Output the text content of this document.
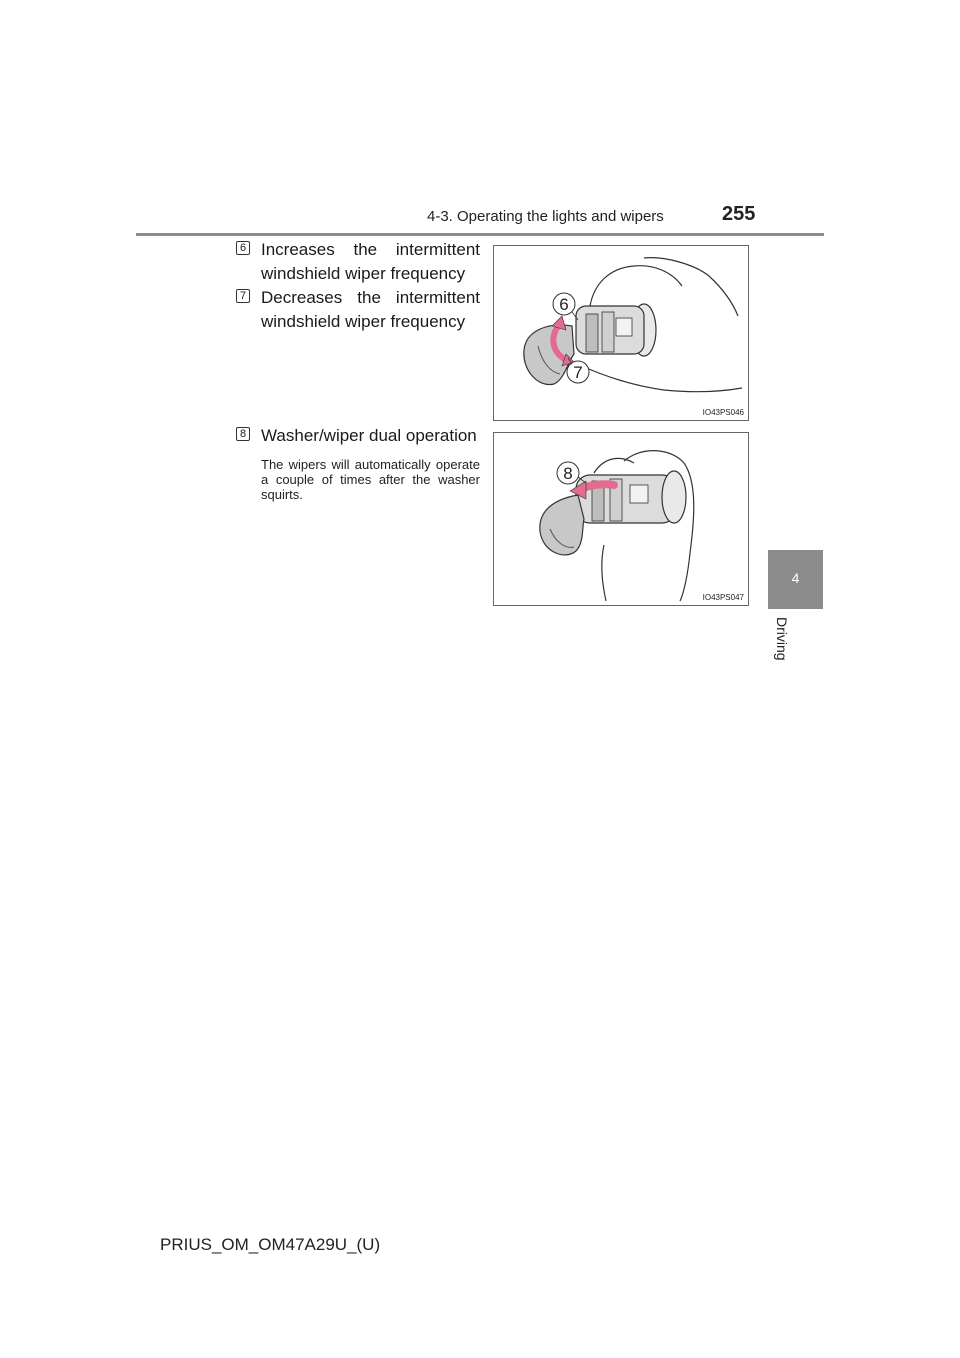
4-3. Operating the lights and wipers	255
4
Driving
6 Increases the intermittent windshield wiper frequency
7 Decreases the intermittent windshield wiper frequency
8 Washer/wiper dual operation
The wipers will automatically operate a couple of times after the washer squirts.
6
7
IO43PS046
8
IO43PS047
PRIUS_OM_OM47A29U_(U)
